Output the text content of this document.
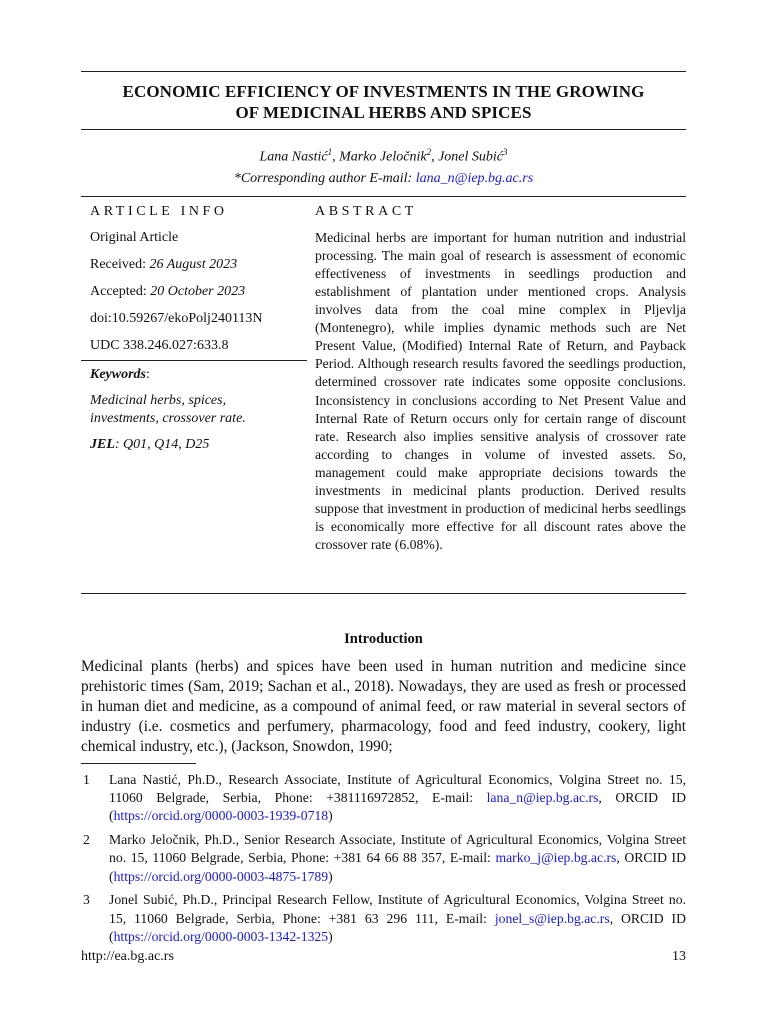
ECONOMIC EFFICIENCY OF INVESTMENTS IN THE GROWING
OF MEDICINAL HERBS AND SPICES
Lana Nastić$^1$, Marko Jeločnik$^2$, Jonel Subić$^3$
*Corresponding author E-mail: lana_n@iep.bg.ac.rs
ARTICLE INFO
Original Article
Received: 26 August 2023
Accepted: 20 October 2023
doi:10.59267/ekoPolj240113N
UDC 338.246.027:633.8
Keywords:
Medicinal herbs, spices, investments, crossover rate.
JEL: Q01, Q14, D25
ABSTRACT
Medicinal herbs are important for human nutrition and industrial processing. The main goal of research is assessment of economic effectiveness of investments in seedlings production and establishment of plantation under mentioned crops. Analysis involves data from the coal mine complex in Pljevlja (Montenegro), while implies dynamic methods such are Net Present Value, (Modified) Internal Rate of Return, and Payback Period. Although research results favored the seedlings production, determined crossover rate indicates some opposite conclusions. Inconsistency in conclusions according to Net Present Value and Internal Rate of Return occurs only for certain range of discount rate. Research also implies sensitive analysis of crossover rate according to changes in volume of invested assets. So, management could make appropriate decisions towards the investments in medicinal plants production. Derived results suppose that investment in production of medicinal herbs seedlings is economically more effective for all discount rates above the crossover rate (6.08%).
Introduction
Medicinal plants (herbs) and spices have been used in human nutrition and medicine since prehistoric times (Sam, 2019; Sachan et al., 2018). Nowadays, they are used as fresh or processed in human diet and medicine, as a compound of animal feed, or raw material in several sectors of industry (i.e. cosmetics and perfumery, pharmacology, food and feed industry, cookery, light chemical industry, etc.), (Jackson, Snowdon, 1990;
1 Lana Nastić, Ph.D., Research Associate, Institute of Agricultural Economics, Volgina Street no. 15, 11060 Belgrade, Serbia, Phone: +381116972852, E-mail: lana_n@iep.bg.ac.rs, ORCID ID (https://orcid.org/0000-0003-1939-0718)
2 Marko Jeločnik, Ph.D., Senior Research Associate, Institute of Agricultural Economics, Volgina Street no. 15, 11060 Belgrade, Serbia, Phone: +381 64 66 88 357, E-mail: marko_j@iep.bg.ac.rs, ORCID ID (https://orcid.org/0000-0003-4875-1789)
3 Jonel Subić, Ph.D., Principal Research Fellow, Institute of Agricultural Economics, Volgina Street no. 15, 11060 Belgrade, Serbia, Phone: +381 63 296 111, E-mail: jonel_s@iep.bg.ac.rs, ORCID ID (https://orcid.org/0000-0003-1342-1325)
http://ea.bg.ac.rs	13
